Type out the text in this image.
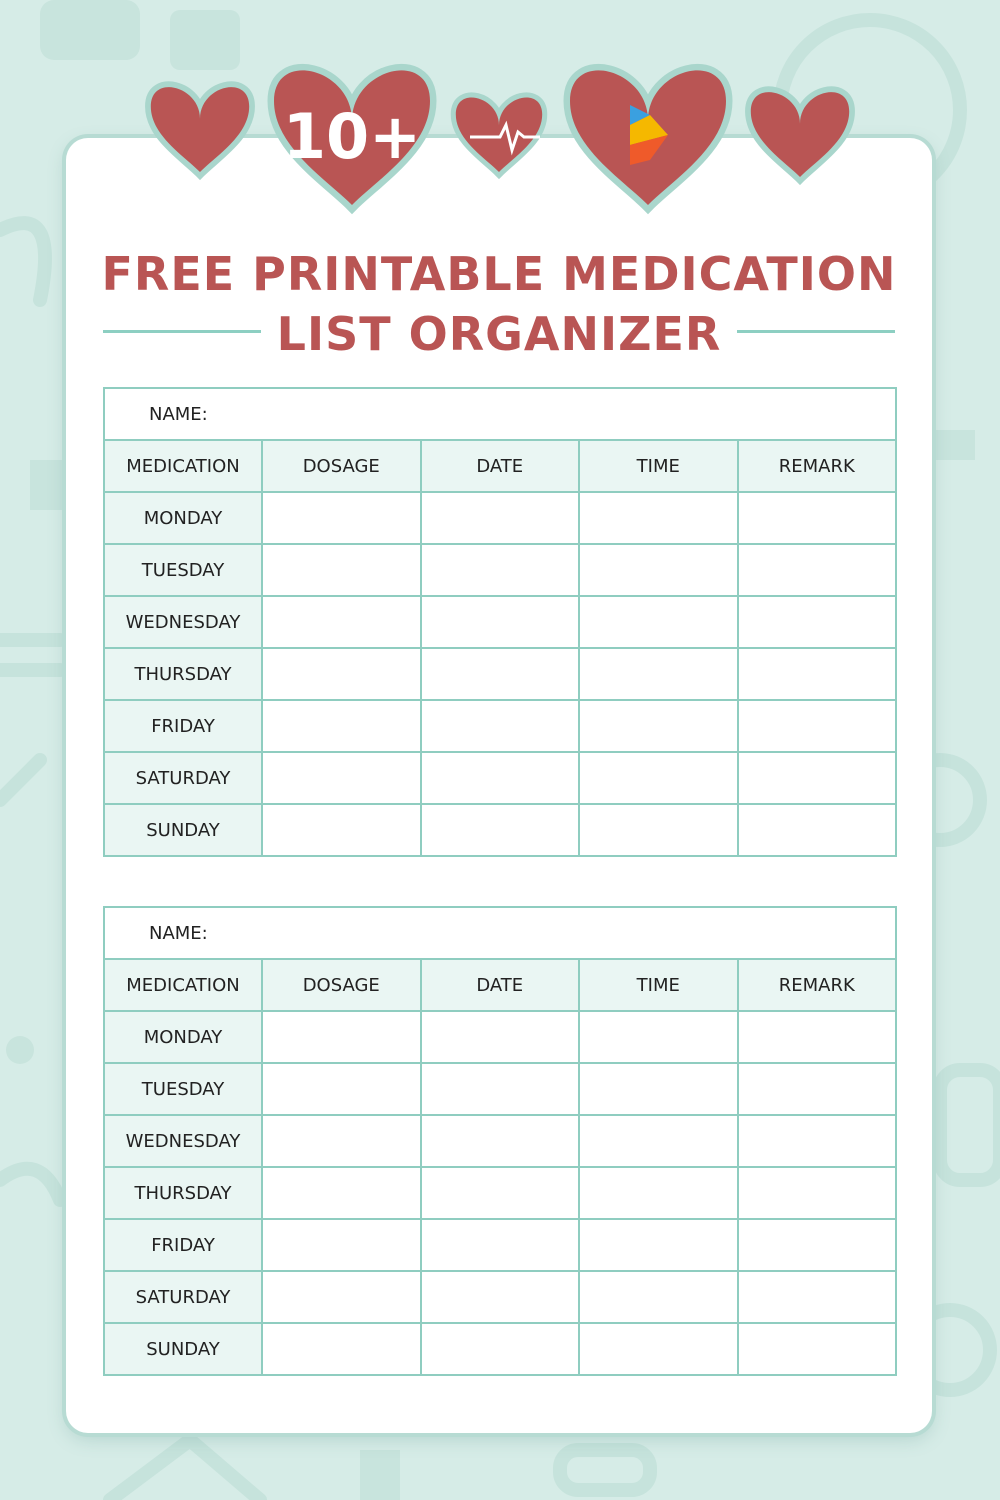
10+
FREE PRINTABLE MEDICATION
LIST ORGANIZER
NAME:				
MEDICATION	DOSAGE	DATE	TIME	REMARK
MONDAY				
TUESDAY				
WEDNESDAY				
THURSDAY				
FRIDAY				
SATURDAY				
SUNDAY				
NAME:				
MEDICATION	DOSAGE	DATE	TIME	REMARK
MONDAY				
TUESDAY				
WEDNESDAY				
THURSDAY				
FRIDAY				
SATURDAY				
SUNDAY				
